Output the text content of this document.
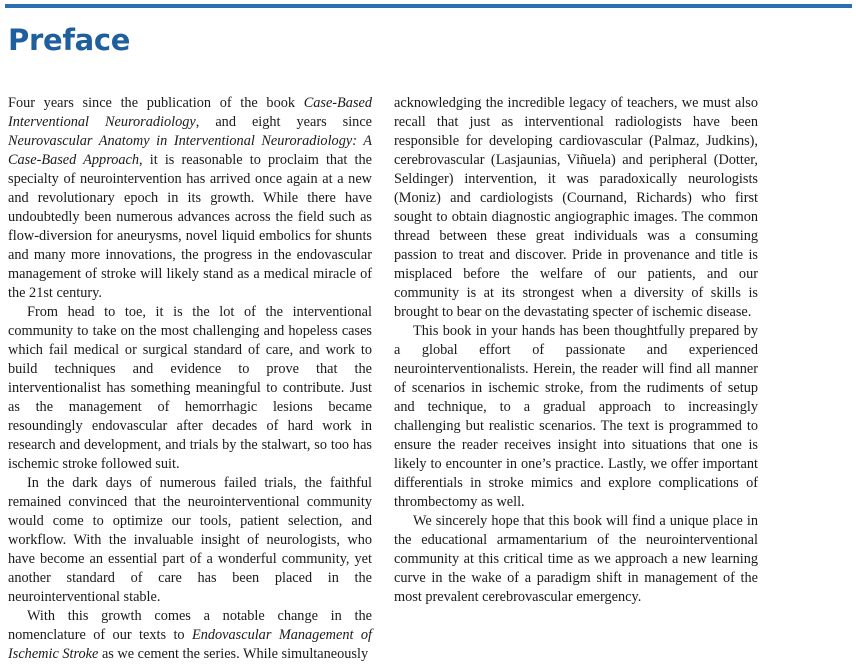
Preface

Four years since the publication of the book Case-Based Interventional Neuroradiology, and eight years since Neurovascular Anatomy in Interventional Neuroradiology: A Case-Based Approach, it is reasonable to proclaim that the specialty of neurointervention has arrived once again at a new and revolutionary epoch in its growth. While there have undoubtedly been numerous advances across the field such as flow-diversion for aneurysms, novel liquid embolics for shunts and many more innovations, the progress in the endovascular management of stroke will likely stand as a medical miracle of the 21st century.

From head to toe, it is the lot of the interventional community to take on the most challenging and hopeless cases which fail medical or surgical standard of care, and work to build techniques and evidence to prove that the interventionalist has something meaningful to contribute. Just as the management of hemorrhagic lesions became resoundingly endovascular after decades of hard work in research and development, and trials by the stalwart, so too has ischemic stroke followed suit.

In the dark days of numerous failed trials, the faithful remained convinced that the neurointerventional community would come to optimize our tools, patient selection, and workflow. With the invaluable insight of neurologists, who have become an essential part of a wonderful community, yet another standard of care has been placed in the neurointerventional stable.

With this growth comes a notable change in the nomenclature of our texts to Endovascular Management of Ischemic Stroke as we cement the series. While simultaneously

acknowledging the incredible legacy of teachers, we must also recall that just as interventional radiologists have been responsible for developing cardiovascular (Palmaz, Judkins), cerebrovascular (Lasjaunias, Viñuela) and peripheral (Dotter, Seldinger) intervention, it was paradoxically neurologists (Moniz) and cardiologists (Cournand, Richards) who first sought to obtain diagnostic angiographic images. The common thread between these great individuals was a consuming passion to treat and discover. Pride in provenance and title is misplaced before the welfare of our patients, and our community is at its strongest when a diversity of skills is brought to bear on the devastating specter of ischemic disease.

This book in your hands has been thoughtfully prepared by a global effort of passionate and experienced neurointerventionalists. Herein, the reader will find all manner of scenarios in ischemic stroke, from the rudiments of setup and technique, to a gradual approach to increasingly challenging but realistic scenarios. The text is programmed to ensure the reader receives insight into situations that one is likely to encounter in one’s practice. Lastly, we offer important differentials in stroke mimics and explore complications of thrombectomy as well.

We sincerely hope that this book will find a unique place in the educational armamentarium of the neurointerventional community at this critical time as we approach a new learning curve in the wake of a paradigm shift in management of the most prevalent cerebrovascular emergency.
